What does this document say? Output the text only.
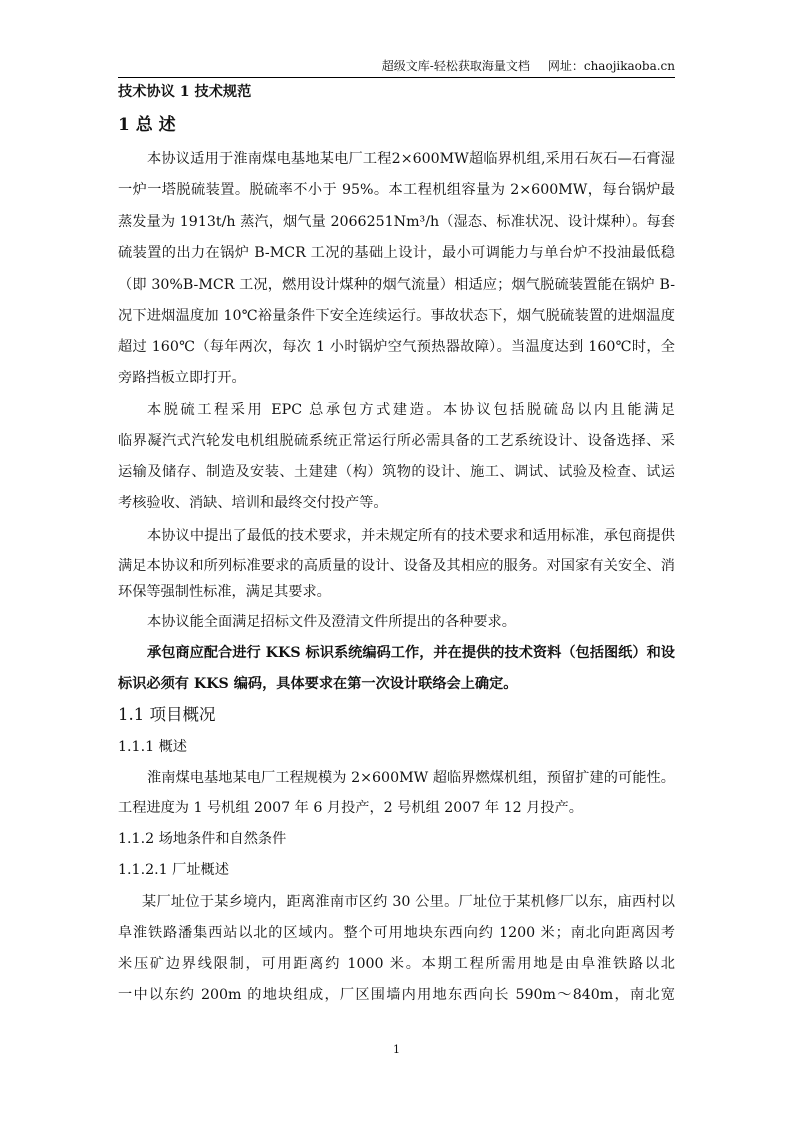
超级文库-轻松获取海量文档 网址：chaojikaoba.cn
技术协议 1 技术规范
1 总 述
本协议适用于淮南煤电基地某电厂工程2×600MW超临界机组,采用石灰石—石膏湿
一炉一塔脱硫装置。脱硫率不小于 95%。本工程机组容量为 2×600MW，每台锅炉最
蒸发量为 1913t/h 蒸汽，烟气量 2066251Nm³/h（湿态、标准状况、设计煤种）。每套
硫装置的出力在锅炉 B-MCR 工况的基础上设计，最小可调能力与单台炉不投油最低稳
（即 30%B-MCR 工况，燃用设计煤种的烟气流量）相适应；烟气脱硫装置能在锅炉 B-
况下进烟温度加 10℃裕量条件下安全连续运行。事故状态下，烟气脱硫装置的进烟温度
超过 160℃（每年两次，每次 1 小时锅炉空气预热器故障）。当温度达到 160℃时，全
旁路挡板立即打开。
本脱硫工程采用 EPC 总承包方式建造。本协议包括脱硫岛以内且能满足
临界凝汽式汽轮发电机组脱硫系统正常运行所必需具备的工艺系统设计、设备选择、采
运输及储存、制造及安装、土建建（构）筑物的设计、施工、调试、试验及检查、试运
考核验收、消缺、培训和最终交付投产等。
本协议中提出了最低的技术要求，并未规定所有的技术要求和适用标准，承包商提供
满足本协议和所列标准要求的高质量的设计、设备及其相应的服务。对国家有关安全、消
环保等强制性标准，满足其要求。
本协议能全面满足招标文件及澄清文件所提出的各种要求。
承包商应配合进行 KKS 标识系统编码工作，并在提供的技术资料（包括图纸）和设
标识必须有 KKS 编码，具体要求在第一次设计联络会上确定。
1.1 项目概况
1.1.1 概述
淮南煤电基地某电厂工程规模为 2×600MW 超临界燃煤机组，预留扩建的可能性。
工程进度为 1 号机组 2007 年 6 月投产，2 号机组 2007 年 12 月投产。
1.1.2 场地条件和自然条件
1.1.2.1 厂址概述
某厂址位于某乡境内，距离淮南市区约 30 公里。厂址位于某机修厂以东，庙西村以
阜淮铁路潘集西站以北的区域内。整个可用地块东西向约 1200 米；南北向距离因考
米压矿边界线限制，可用距离约 1000 米。本期工程所需用地是由阜淮铁路以北
一中以东约 200m 的地块组成，厂区围墙内用地东西向长 590m～840m，南北宽
1
